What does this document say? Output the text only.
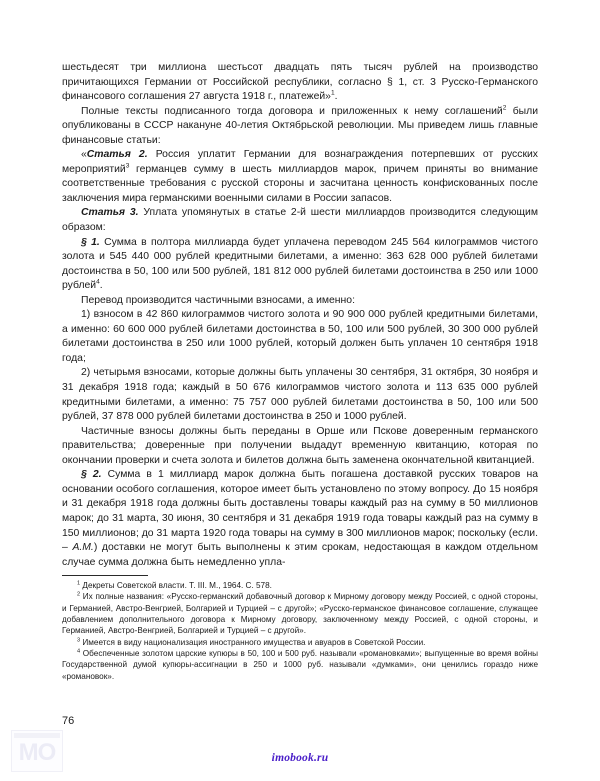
шестьдесят три миллиона шестьсот двадцать пять тысяч рублей на производство причитающихся Германии от Российской республики, согласно § 1, ст. 3 Русско-Германского финансового соглашения 27 августа 1918 г., платежей»$^1$.

Полные тексты подписанного тогда договора и приложенных к нему соглашений$^2$ были опубликованы в СССР накануне 40-летия Октябрьской революции. Мы приведем лишь главные финансовые статьи:

«Статья 2. Россия уплатит Германии для вознаграждения потерпевших от русских мероприятий$^3$ германцев сумму в шесть миллиардов марок, причем приняты во внимание соответственные требования с русской стороны и засчитана ценность конфискованных после заключения мира германскими военными силами в России запасов.

Статья 3. Уплата упомянутых в статье 2-й шести миллиардов производится следующим образом:

§ 1. Сумма в полтора миллиарда будет уплачена переводом 245 564 килограммов чистого золота и 545 440 000 рублей кредитными билетами, а именно: 363 628 000 рублей билетами достоинства в 50, 100 или 500 рублей, 181 812 000 рублей билетами достоинства в 250 или 1000 рублей$^4$.

Перевод производится частичными взносами, а именно:

1) взносом в 42 860 килограммов чистого золота и 90 900 000 рублей кредитными билетами, а именно: 60 600 000 рублей билетами достоинства в 50, 100 или 500 рублей, 30 300 000 рублей билетами достоинства в 250 или 1000 рублей, который должен быть уплачен 10 сентября 1918 года;

2) четырьмя взносами, которые должны быть уплачены 30 сентября, 31 октября, 30 ноября и 31 декабря 1918 года; каждый в 50 676 килограммов чистого золота и 113 635 000 рублей кредитными билетами, а именно: 75 757 000 рублей билетами достоинства в 50, 100 или 500 рублей, 37 878 000 рублей билетами достоинства в 250 и 1000 рублей.

Частичные взносы должны быть переданы в Орше или Пскове доверенным германского правительства; доверенные при получении выдадут временную квитанцию, которая по окончании проверки и счета золота и билетов должна быть заменена окончательной квитанцией.

§ 2. Сумма в 1 миллиард марок должна быть погашена доставкой русских товаров на основании особого соглашения, которое имеет быть установлено по этому вопросу. До 15 ноября и 31 декабря 1918 года должны быть доставлены товары каждый раз на сумму в 50 миллионов марок; до 31 марта, 30 июня, 30 сентября и 31 декабря 1919 года товары каждый раз на сумму в 150 миллионов; до 31 марта 1920 года товары на сумму в 300 миллионов марок; поскольку (если. – А.М.) доставки не могут быть выполнены к этим срокам, недостающая в каждом отдельном случае сумма должна быть немедленно упла-

$^1$ Декреты Советской власти. Т. III. М., 1964. С. 578.

$^2$ Их полные названия: «Русско-германский добавочный договор к Мирному договору между Россией, с одной стороны, и Германией, Австро-Венгрией, Болгарией и Турцией – с другой»; «Русско-германское финансовое соглашение, служащее добавлением дополнительного договора к Мирному договору, заключенному между Россией, с одной стороны, и Германией, Австро-Венгрией, Болгарией и Турцией – с другой».

$^3$ Имеется в виду национализация иностранного имущества и авуаров в Советской России.

$^4$ Обеспеченные золотом царские купюры в 50, 100 и 500 руб. называли «романовками»; выпущенные во время войны Государственной думой купюры-ассигнации в 250 и 1000 руб. называли «думками», они ценились гораздо ниже «романовок».

76
MO	imobook.ru
